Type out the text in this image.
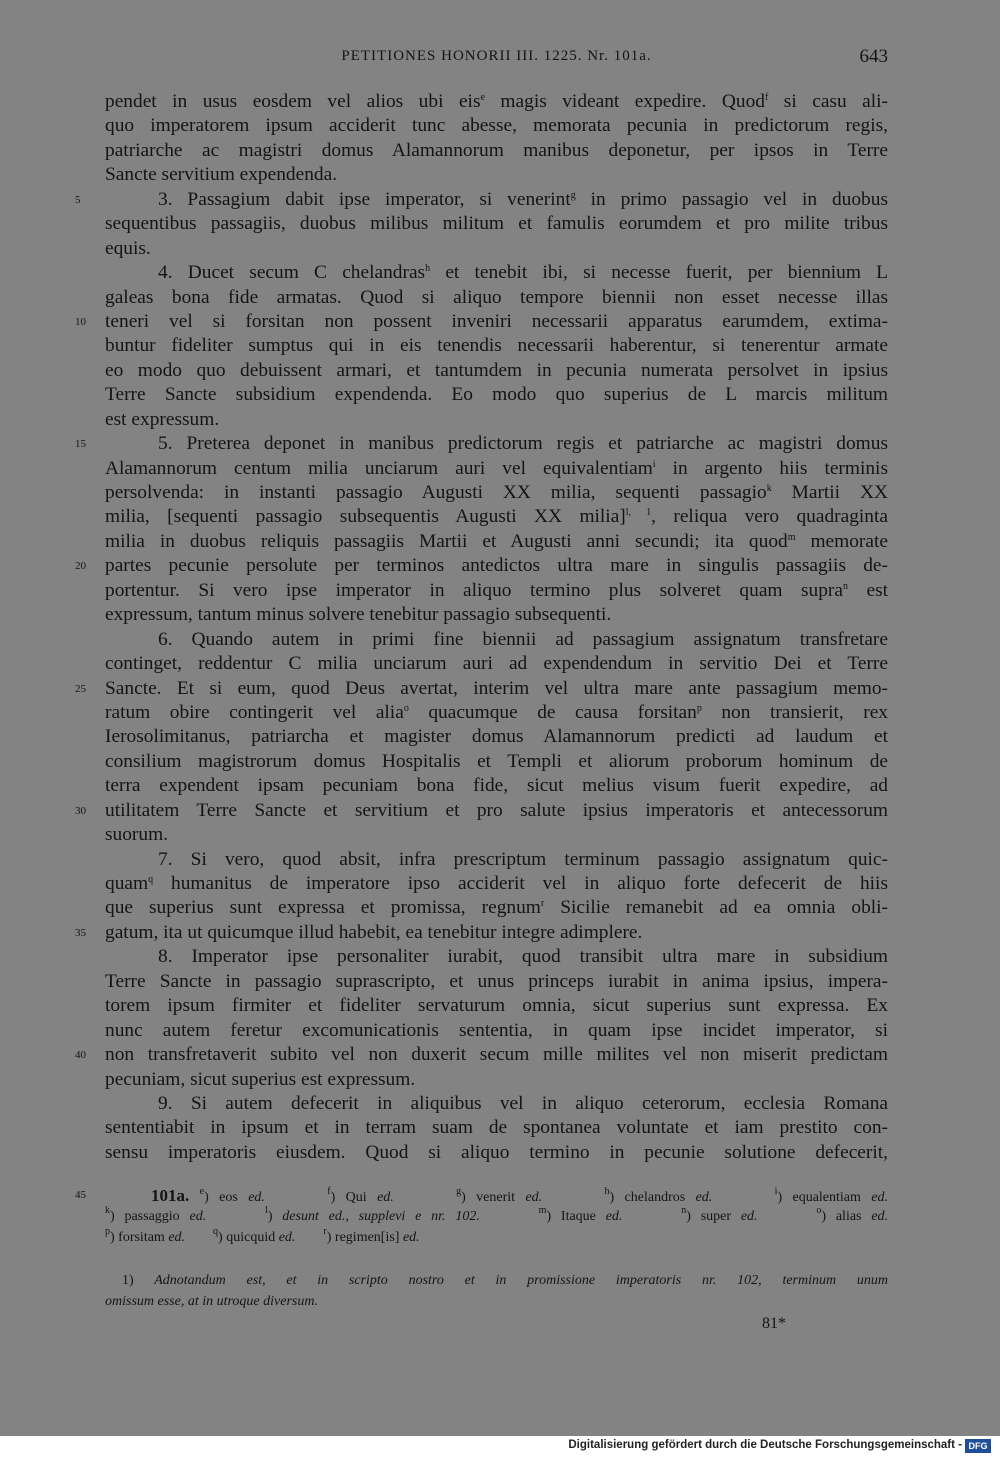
PETITIONES HONORII III. 1225. Nr. 101a.	643
pendet in usus eosdem vel alios ubi eis$^e$ magis videant expedire. Quod$^f$ si casu ali-
quo imperatorem ipsum acciderit tunc abesse, memorata pecunia in predictorum regis,
patriarche ac magistri domus Alamannorum manibus deponetur, per ipsos in Terre
Sancte servitium expendenda.
5	3. Passagium dabit ipse imperator, si venerint$^g$ in primo passagio vel in duobus
sequentibus passagiis, duobus milibus militum et famulis eorumdem et pro milite tribus
equis.
4. Ducet secum C chelandras$^h$ et tenebit ibi, si necesse fuerit, per biennium L
galeas bona fide armatas. Quod si aliquo tempore biennii non esset necesse illas
10 teneri vel si forsitan non possent inveniri necessarii apparatus earumdem, extima-
buntur fideliter sumptus qui in eis tenendis necessarii haberentur, si tenerentur armate
eo modo quo debuissent armari, et tantumdem in pecunia numerata persolvet in ipsius
Terre Sancte subsidium expendenda. Eo modo quo superius de L marcis militum
est expressum.
15	5. Preterea deponet in manibus predictorum regis et patriarche ac magistri domus
Alamannorum centum milia unciarum auri vel equivalentiam$^i$ in argento hiis terminis
persolvenda: in instanti passagio Augusti XX milia, sequenti passagio$^k$ Martii XX
milia, [sequenti passagio subsequentis Augusti XX milia]$^{l, 1}$, reliqua vero quadraginta
milia in duobus reliquis passagiis Martii et Augusti anni secundi; ita quod$^m$ memorate
20 partes pecunie persolute per terminos antedictos ultra mare in singulis passagiis de-
portentur. Si vero ipse imperator in aliquo termino plus solveret quam supra$^n$ est
expressum, tantum minus solvere tenebitur passagio subsequenti.
6. Quando autem in primi fine biennii ad passagium assignatum transfretare
continget, reddentur C milia unciarum auri ad expendendum in servitio Dei et Terre
25 Sancte. Et si eum, quod Deus avertat, interim vel ultra mare ante passagium memo-
ratum obire contingerit vel alia$^o$ quacumque de causa forsitan$^p$ non transierit, rex
Ierosolimitanus, patriarcha et magister domus Alamannorum predicti ad laudum et
consilium magistrorum domus Hospitalis et Templi et aliorum proborum hominum de
terra expendent ipsam pecuniam bona fide, sicut melius visum fuerit expedire, ad
30 utilitatem Terre Sancte et servitium et pro salute ipsius imperatoris et antecessorum
suorum.
7. Si vero, quod absit, infra prescriptum terminum passagio assignatum quic-
quam$^q$ humanitus de imperatore ipso acciderit vel in aliquo forte defecerit de hiis
que superius sunt expressa et promissa, regnum$^r$ Sicilie remanebit ad ea omnia obli-
35 gatum, ita ut quicumque illud habebit, ea tenebitur integre adimplere.
8. Imperator ipse personaliter iurabit, quod transibit ultra mare in subsidium
Terre Sancte in passagio suprascripto, et unus princeps iurabit in anima ipsius, impera-
torem ipsum firmiter et fideliter servaturum omnia, sicut superius sunt expressa. Ex
nunc autem feretur excomunicationis sententia, in quam ipse incidet imperator, si
40 non transfretaverit subito vel non duxerit secum mille milites vel non miserit predictam
pecuniam, sicut superius est expressum.
9. Si autem defecerit in aliquibus vel in aliquo ceterorum, ecclesia Romana
sententiabit in ipsum et in terram suam de spontanea voluntate et iam prestito con-
sensu imperatoris eiusdem. Quod si aliquo termino in pecunie solutione defecerit,
45	101a. $^e$) eos ed.	$^f$) Qui ed.	$^g$) venerit ed.	$^h$) chelandros ed.	$^i$) equalentiam ed.
$^k$) passaggio ed.	$^l$) desunt ed., supplevi e nr. 102.	$^m$) Itaque ed.	$^n$) super ed.	$^o$) alias ed.
$^p$) forsitam ed.	$^q$) quicquid ed.	$^r$) regimen[is] ed.
1) Adnotandum est, et in scripto nostro et in promissione imperatoris nr. 102, terminum unum
omissum esse, at in utroque diversum.
81*
Digitalisierung gefördert durch die Deutsche Forschungsgemeinschaft - DFG
